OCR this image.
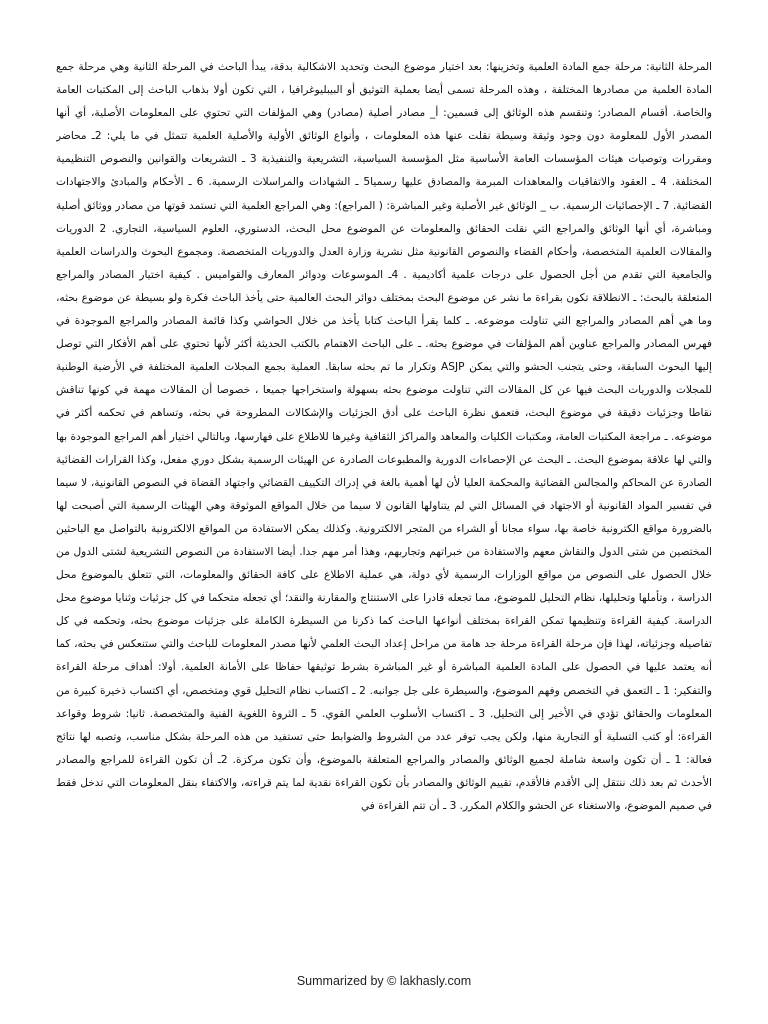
المرحلة الثانية: مرحلة جمع المادة العلمية وتخزينها: بعد اختيار موضوع البحث وتحديد الاشكالية بدقة، يبدأ الباحث في المرحلة الثانية وهي مرحلة جمع المادة العلمية من مصادرها المختلفة ، وهذه المرحلة تسمى أيضا بعملية التوثيق أو البيبليوغرافيا ، التي تكون أولا بذهاب الباحث إلى المكتبات العامة والخاصة. أقسام المصادر: وتنقسم هذه الوثائق إلى قسمين: أ_ مصادر أصلية (مصادر) وهي المؤلفات التي تحتوي على المعلومات الأصلية، أي أنها المصدر الأول للمعلومة دون وجود وثيقة وسيطة نقلت عنها هذه المعلومات ، وأنواع الوثائق الأولية والأصلية العلمية تتمثل في ما يلي: 2ـ محاضر ومقررات وتوصيات هيئات المؤسسات العامة الأساسية مثل المؤسسة السياسية، التشريعية والتنفيذية 3 ـ التشريعات والقوانين والنصوص التنظيمية المختلفة. 4 ـ العقود والاتفاقيات والمعاهدات المبرمة والمصادق عليها رسميا5 ـ الشهادات والمراسلات الرسمية. 6 ـ الأحكام والمبادئ والاجتهادات القضائية. 7 ـ الإحصائيات الرسمية. ب _ الوثائق غير الأصلية وغير المباشرة: ( المراجع): وهي المراجع العلمية التي تستمد قوتها من مصادر ووثائق أصلية ومباشرة، أي أنها الوثائق والمراجع التي نقلت الحقائق والمعلومات عن الموضوع محل البحث، الدستوري، العلوم السياسية، التجاري. 2 الدوريات والمقالات العلمية المتخصصة، وأحكام القضاء والنصوص القانونية مثل نشرية وزارة العدل والدوريات المتخصصة. ومجموع البحوث والدراسات العلمية والجامعية التي تقدم من أجل الحصول على درجات علمية أكاديمية . 4ـ الموسوعات ودوائر المعارف والقواميس . كيفية اختيار المصادر والمراجع المتعلقة بالبحث: ـ الانطلاقة تكون بقراءة ما نشر عن موضوع البحث بمختلف دوائر البحث العالمية حتى يأخذ الباحث فكرة ولو بسيطة عن موضوع بحثه، وما هي أهم المصادر والمراجع التي تناولت موضوعه. ـ كلما يقرأ الباحث كتابا يأخذ من خلال الحواشي وكذا قائمة المصادر والمراجع الموجودة في فهرس المصادر والمراجع عناوين أهم المؤلفات في موضوع بحثه. ـ على الباحث الاهتمام بالكتب الحديثة أكثر لأنها تحتوي على أهم الأفكار التي توصل إليها البحوث السابقة، وحتى يتجنب الحشو والتي يمكن ASJP وتكرار ما تم بحثه سابقا. العملية بجمع المجلات العلمية المختلفة في الأرضية الوطنية للمجلات والدوريات البحث فيها عن كل المقالات التي تناولت موضوع بحثه بسهولة واستخراجها جميعا ، خصوصا أن المقالات مهمة في كونها تناقش نقاطا وجزئيات دقيقة في موضوع البحث، فتعمق نظرة الباحث على أدق الجزئيات والإشكالات المطروحة في بحثه، وتساهم في تحكمه أكثر في موضوعه. ـ مراجعة المكتبات العامة، ومكتبات الكليات والمعاهد والمراكز الثقافية وغيرها للاطلاع على فهارسها، وبالتالي اختيار أهم المراجع الموجودة بها والتي لها علاقة بموضوع البحث. ـ البحث عن الإحصاءات الدورية والمطبوعات الصادرة عن الهيئات الرسمية بشكل دوري مفعل، وكذا القرارات القضائية الصادرة عن المحاكم والمجالس القضائية والمحكمة العليا لأن لها أهمية بالغة في إدراك التكييف القضائي واجتهاد القضاة في النصوص القانونية، لا سيما في تفسير المواد القانونية أو الاجتهاد في المسائل التي لم يتناولها القانون لا سيما من خلال المواقع الموثوقة وهي الهيئات الرسمية التي أصبحت لها بالضرورة مواقع الكترونية خاصة بها، سواء مجانا أو الشراء من المتجر الالكترونية. وكذلك يمكن الاستفادة من المواقع الالكترونية بالتواصل مع الباحثين المختصين من شتى الدول والنقاش معهم والاستفادة من خبراتهم وتجاربهم، وهذا أمر مهم جدا. أيضا الاستفادة من النصوص التشريعية لشتى الدول من خلال الحصول على النصوص من مواقع الوزارات الرسمية لأي دولة، هي عملية الاطلاع على كافة الحقائق والمعلومات، التي تتعلق بالموضوع محل الدراسة ، وتأملها وتحليلها، نظام التحليل للموضوع، مما تجعله قادرا على الاستنتاج والمقارنة والنقد؛ أي تجعله متحكما في كل جزئيات وثنايا موضوع محل الدراسة. كيفية القراءة وتنظيمها تمكن القراءة بمختلف أنواعها الباحث كما ذكرنا من السيطرة الكاملة على جزئيات موضوع بحثه، وتحكمه في كل تفاصيله وجزئياته، لهذا فإن مرحلة القراءة مرحلة جد هامة من مراحل إعداد البحث العلمي لأنها مصدر المعلومات للباحث والتي ستنعكس في بحثه، كما أنه يعتمد عليها في الحصول على المادة العلمية المباشرة أو غير المباشرة بشرط توثيقها حفاظا على الأمانة العلمية. أولا: أهداف مرحلة القراءة والتفكير: 1 ـ التعمق في التخصص وفهم الموضوع، والسيطرة على جل جوانبه. 2 ـ اكتساب نظام التحليل قوي ومتخصص، أي اكتساب ذخيرة كبيرة من المعلومات والحقائق تؤدي في الأخير إلى التحليل. 3 ـ اكتساب الأسلوب العلمي القوي. 5 ـ الثروة اللغوية الفنية والمتخصصة. ثانيا: شروط وقواعد القراءة: أو كتب التسلية أو التجارية منها، ولكن يجب توفر عدد من الشروط والضوابط حتى تستفيد من هذه المرحلة بشكل مناسب، وتصبه لها نتائج فعالة: 1 ـ أن تكون واسعة شاملة لجميع الوثائق والمصادر والمراجع المتعلقة بالموضوع، وأن تكون مركزة. 2ـ أن تكون القراءة للمراجع والمصادر الأحدث ثم بعد ذلك ننتقل إلى الأقدم فالأقدم، تقييم الوثائق والمصادر بأن تكون القراءة نقدية لما يتم قراءته، والاكتفاء بنقل المعلومات التي تدخل فقط في صميم الموضوع، والاستغناء عن الحشو والكلام المكرر. 3 ـ أن تتم القراءة في

Summarized by © lakhasly.com
